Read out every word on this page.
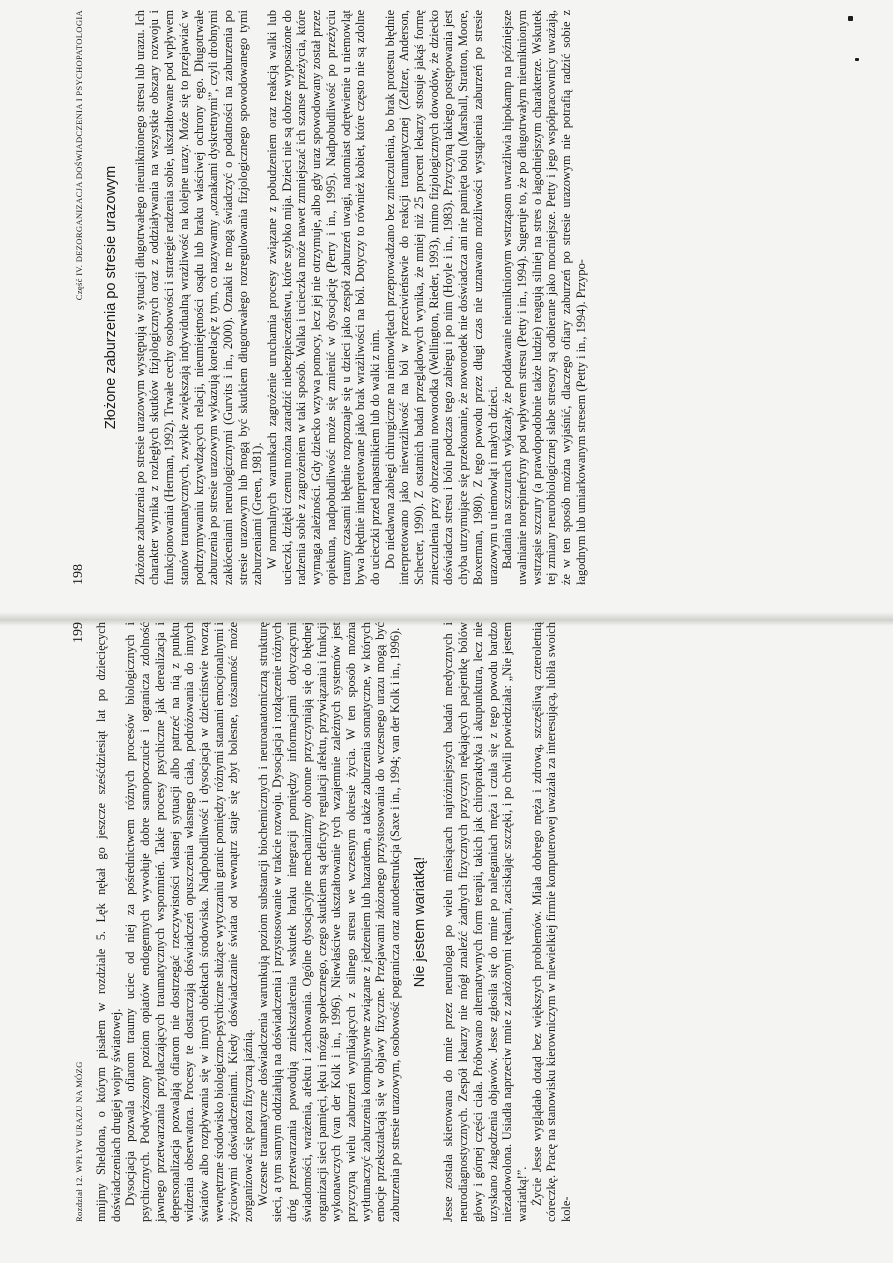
198
Część IV. DEZORGANIZACJA DOŚWIADCZENIA I PSYCHOPATOLOGIA Złożone zaburzenia po stresie urazowym Złożone zaburzenia po stresie urazowym występują w sytuacji długotrwałego nieuniknionego stresu lub urazu. Ich charakter wynika z rozległych skutków fizjologicznych oraz z oddziaływania na wszystkie obszary rozwoju i funkcjonowania (Herman, 1992). Trwałe cechy osobowości i strategie radzenia sobie, ukształtowane pod wpływem stanów traumatycznych, zwykle zwiększają indywidualną wrażliwość na kolejne urazy. Może się to przejawiać w podtrzymywaniu krzywdzących relacji, nieumiejętności osądu lub braku właściwej ochrony ego. Długotrwałe zaburzenia po stresie urazowym wykazują korelację z tym, co nazywamy „oznakami dyskretnymi”, czyli drobnymi zakłóceniami neurologicznymi (Gurvits i in., 2000). Oznaki te mogą świadczyć o podatności na zaburzenia po stresie urazowym lub mogą być skutkiem długotrwałego rozregulowania fizjologicznego spowodowanego tymi zaburzeniami (Green, 1981). W normalnych warunkach zagrożenie uruchamia procesy związane z pobudzeniem oraz reakcją walki lub ucieczki, dzięki czemu można zaradzić niebezpieczeństwu, które szybko mija. Dzieci nie są dobrze wyposażone do radzenia sobie z zagrożeniem w taki sposób. Walka i ucieczka może nawet zmniejszać ich szanse przeżycia, które wymaga zależności. Gdy dziecko wzywa pomocy, lecz jej nie otrzymuje, albo gdy uraz spowodowany został przez opiekuna, nadpobudliwość może się zmienić w dysocjację (Perry i in., 1995). Nadpobudliwość po przeżyciu traumy czasami błędnie rozpoznaje się u dzieci jako zespół zaburzeń uwagi, natomiast odrętwienie u niemowląt bywa błędnie interpretowane jako brak wrażliwości na ból. Dotyczy to również kobiet, które często nie są zdolne do ucieczki przed napastnikiem lub do walki z nim. Do niedawna zabiegi chirurgiczne na niemowlętach przeprowadzano bez znieczulenia, bo brak protestu błędnie interpretowano jako niewrażliwość na ból w przeciwieństwie do reakcji traumatycznej (Zeltzer, Anderson, Schecter, 1990). Z ostatnich badań przeglądowych wynika, że mniej niż 25 procent lekarzy stosuje jakąś formę znieczulenia przy obrzezaniu noworodka (Wellington, Rieder, 1993), mimo fizjologicznych dowodów, że dziecko doświadcza stresu i bólu podczas tego zabiegu i po nim (Hoyle i in., 1983). Przyczyną takiego postępowania jest chyba utrzymujące się przekonanie, że noworodek nie doświadcza ani nie pamięta bólu (Marshall, Stratton, Moore, Boxerman, 1980). Z tego powodu przez długi czas nie uznawano możliwości wystąpienia zaburzeń po stresie urazowym u niemowląt i małych dzieci. Badania na szczurach wykazały, że poddawanie nieuniknionym wstrząsom uwrażliwia hipokamp na późniejsze uwalnianie norepinefryny pod wpływem stresu (Petty i in., 1994). Sugeruje to, że po długotrwałym nieuniknionym wstrząsie szczury (a prawdopodobnie także ludzie) reagują silniej na stres o łagodniejszym charakterze. Wskutek tej zmiany neurobiologicznej słabe stresory są odbierane jako mocniejsze. Petty i jego współpracownicy uważają, że w ten sposób można wyjaśnić, dlaczego ofiary zaburzeń po stresie urazowym nie potrafią radzić sobie z łagodnym lub umiarkowanym stresem (Petty i in., 1994). Przypo-

Rozdział 12. WPŁYW URAZU NA MÓZG
199 mnijmy Sheldona, o którym pisałem w rozdziale 5. Lęk nękał go jeszcze sześćdziesiąt lat po dziecięcych doświadczeniach drugiej wojny światowej. Dysocjacja pozwala ofiarom traumy uciec od niej za pośrednictwem różnych procesów biologicznych i psychicznych. Podwyższony poziom opiatów endogennych wywołuje dobre samopoczucie i ogranicza zdolność jawnego przetwarzania przytłaczających traumatycznych wspomnień. Takie procesy psychiczne jak derealizacja i depersonalizacja pozwalają ofiarom nie dostrzegać rzeczywistości własnej sytuacji albo patrzeć na nią z punktu widzenia obserwatora. Procesy te dostarczają doświadczeń opuszczenia własnego ciała, podróżowania do innych światów albo rozpływania się w innych obiektach środowiska. Nadpobudliwość i dysocjacja w dzieciństwie tworzą wewnętrzne środowisko biologiczno-psychiczne służące wytyczaniu granic pomiędzy różnymi stanami emocjonalnymi i życiowymi doświadczeniami. Kiedy doświadczanie świata od wewnątrz staje się zbyt bolesne, tożsamość może zorganizować się poza fizyczną jaźnią. Wczesne traumatyczne doświadczenia warunkują poziom substancji biochemicznych i neuroanatomiczną strukturę sieci, a tym samym oddziałują na doświadczenia i przystosowanie w trakcie rozwoju. Dysocjacja i rozłączenie różnych dróg przetwarzania powodują zniekształcenia wskutek braku integracji pomiędzy informacjami dotyczącymi świadomości, wrażenia, afektu i zachowania. Ogólne dysocjacyjne mechanizmy obronne przyczyniają się do błędnej organizacji sieci pamięci, lęku i mózgu społecznego, czego skutkiem są deficyty regulacji afektu, przywiązania i funkcji wykonawczych (van der Kolk i in., 1996). Niewłaściwe ukształtowanie tych wzajemnie zależnych systemów jest przyczyną wielu zaburzeń wynikających z silnego stresu we wczesnym okresie życia. W ten sposób można wytłumaczyć zaburzenia kompulsywne związane z jedzeniem lub hazardem, a także zaburzenia somatyczne, w których emocje przekształcają się w objawy fizyczne. Przejawami złożonego przystosowania do wczesnego urazu mogą być zaburzenia po stresie urazowym, osobowość pogranicza oraz autodestrukcja (Saxe i in., 1994; van der Kolk i in., 1996). Nie jestem wariatką! Jesse została skierowana do mnie przez neurologa po wielu miesiącach najróżniejszych badań medycznych i neurodiagnostycznych. Zespół lekarzy nie mógł znaleźć żadnych fizycznych przyczyn nękających pacjentkę bólów głowy i górnej części ciała. Próbowano alternatywnych form terapii, takich jak chiropraktyka i akupunktura, lecz nie uzyskano złagodzenia objawów. Jesse zgłosiła się do mnie po naleganiach męża i czuła się z tego powodu bardzo niezadowolona. Usiadła naprzeciw mnie z założonymi rękami, zaciskając szczęki, i po chwili powiedziała: „Nie jestem wariatką!”. Życie Jesse wyglądało dotąd bez większych problemów. Miała dobrego męża i zdrową, szczęśliwą czteroletnią córeczkę. Pracę na stanowisku kierowniczym w niewielkiej firmie komputerowej uważała za interesującą, lubiła swoich kole-
